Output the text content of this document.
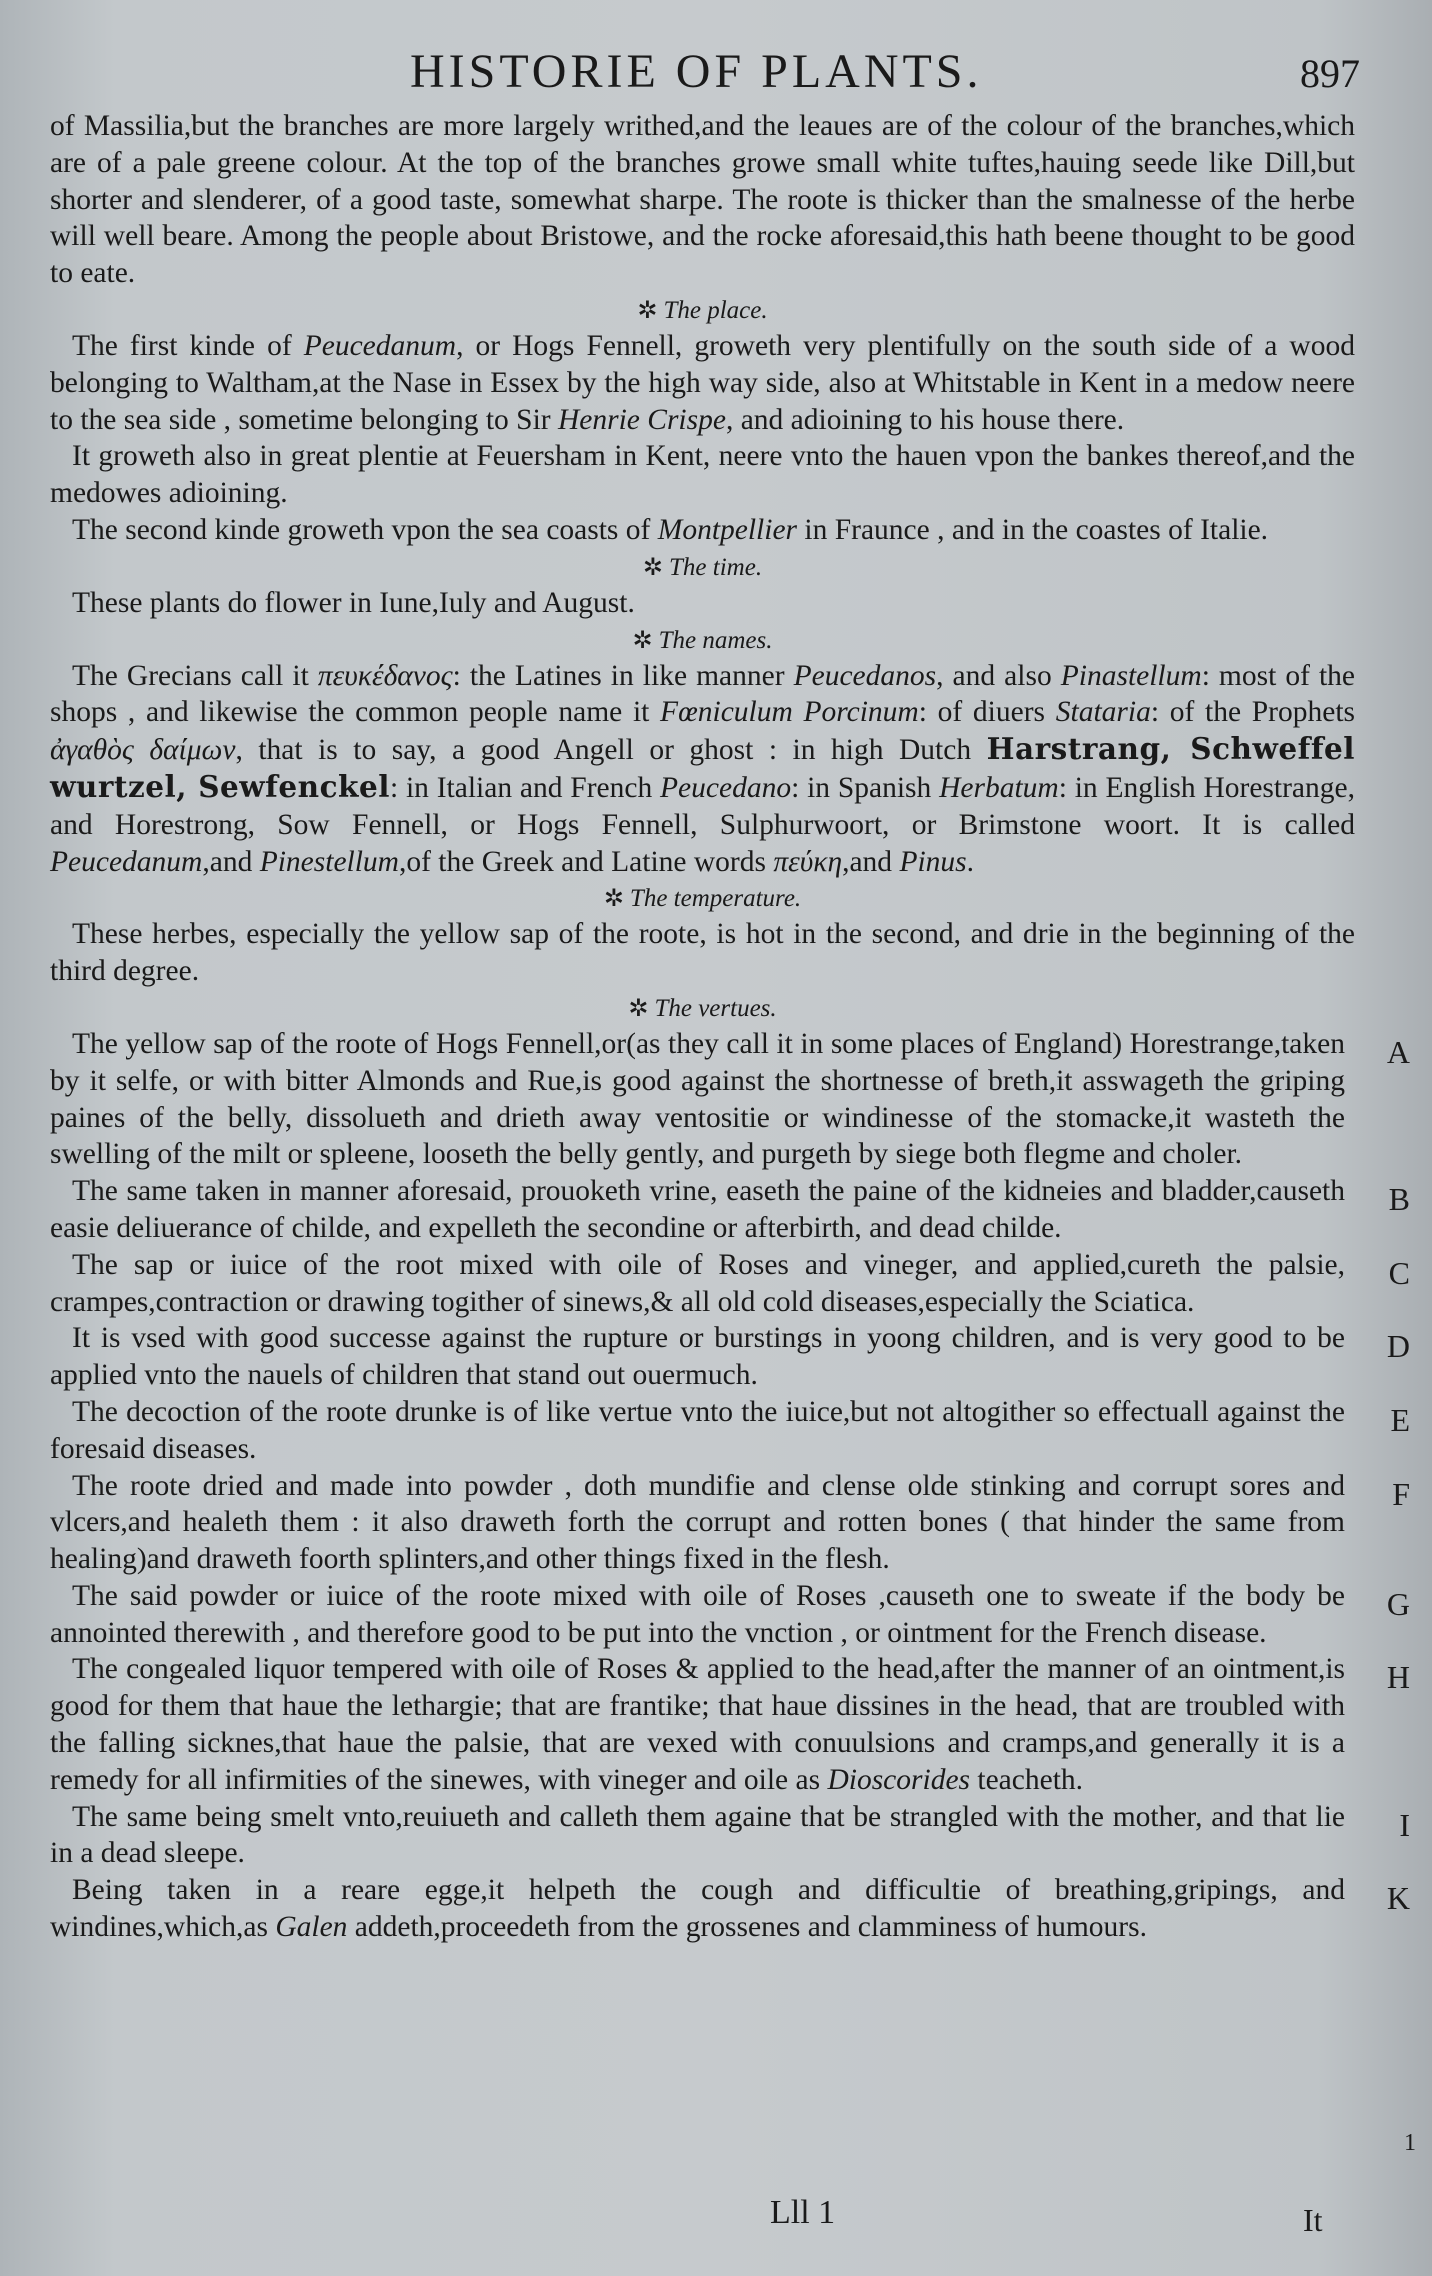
HISTORIE OF PLANTS.	897

of Massilia,but the branches are more largely writhed,and the leaues are of the colour of the branches,which are of a pale greene colour. At the top of the branches growe small white tuftes,hauing seede like Dill,but shorter and slenderer, of a good taste, somewhat sharpe. The roote is thicker than the smalnesse of the herbe will well beare. Among the people about Bristowe, and the rocke aforesaid,this hath beene thought to be good to eate.

✲ The place.

The first kinde of Peucedanum, or Hogs Fennell, groweth very plentifully on the south side of a wood belonging to Waltham,at the Nase in Essex by the high way side, also at Whitstable in Kent in a medow neere to the sea side , sometime belonging to Sir Henrie Crispe, and adioining to his house there.

It groweth also in great plentie at Feuersham in Kent, neere vnto the hauen vpon the bankes thereof,and the medowes adioining.

The second kinde groweth vpon the sea coasts of Montpellier in Fraunce , and in the coastes of Italie.

✲ The time.

These plants do flower in Iune,Iuly and August.

✲ The names.

The Grecians call it πευκέδανος: the Latines in like manner Peucedanos, and also Pinastellum: most of the shops , and likewise the common people name it Fœniculum Porcinum: of diuers Stataria: of the Prophets ἀγαθὸς δαίμων, that is to say, a good Angell or ghost : in high Dutch Harstrang, Schweffel wurtzel, Sewfenckel: in Italian and French Peucedano: in Spanish Herbatum: in English Horestrange, and Horestrong, Sow Fennell, or Hogs Fennell, Sulphurwoort, or Brimstone woort. It is called Peucedanum,and Pinestellum,of the Greek and Latine words πεύκη,and Pinus.

✲ The temperature.

These herbes, especially the yellow sap of the roote, is hot in the second, and drie in the beginning of the third degree.

✲ The vertues.

The yellow sap of the roote of Hogs Fennell,or(as they call it in some places of England) Horestrange,taken by it selfe, or with bitter Almonds and Rue,is good against the shortnesse of breth,it asswageth the griping paines of the belly, dissolueth and drieth away ventositie or windinesse of the stomacke,it wasteth the swelling of the milt or spleene, looseth the belly gently, and purgeth by siege both flegme and choler.
A

The same taken in manner aforesaid, prouoketh vrine, easeth the paine of the kidneies and bladder,causeth easie deliuerance of childe, and expelleth the secondine or afterbirth, and dead childe.
B

The sap or iuice of the root mixed with oile of Roses and vineger, and applied,cureth the palsie, crampes,contraction or drawing togither of sinews,& all old cold diseases,especially the Sciatica.
C

It is vsed with good successe against the rupture or burstings in yoong children, and is very good to be applied vnto the nauels of children that stand out ouermuch.
D

The decoction of the roote drunke is of like vertue vnto the iuice,but not altogither so effectuall against the foresaid diseases.
E

The roote dried and made into powder , doth mundifie and clense olde stinking and corrupt sores and vlcers,and healeth them : it also draweth forth the corrupt and rotten bones ( that hinder the same from healing)and draweth foorth splinters,and other things fixed in the flesh.
F

The said powder or iuice of the roote mixed with oile of Roses ,causeth one to sweate if the body be annointed therewith , and therefore good to be put into the vnction , or ointment for the French disease.
G

The congealed liquor tempered with oile of Roses & applied to the head,after the manner of an ointment,is good for them that haue the lethargie; that are frantike; that haue dissines in the head, that are troubled with the falling sicknes,that haue the palsie, that are vexed with conuulsions and cramps,and generally it is a remedy for all infirmities of the sinewes, with vineger and oile as Dioscorides teacheth.
H

The same being smelt vnto,reuiueth and calleth them againe that be strangled with the mother, and that lie in a dead sleepe.
I

Being taken in a reare egge,it helpeth the cough and difficultie of breathing,gripings, and windines,which,as Galen addeth,proceedeth from the grossenes and clamminess of humours.
K

1
Lll 1	It
